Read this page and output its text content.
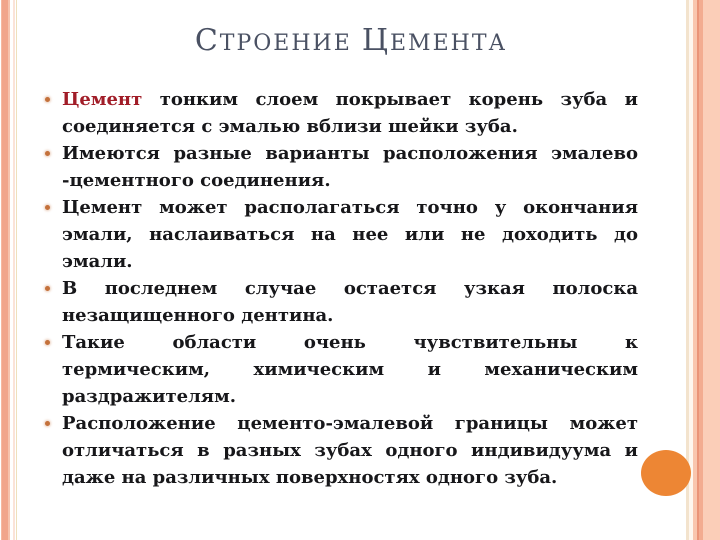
СТРОЕНИЕ ЦЕМЕНТА
Цемент тонким слоем покрывает корень зуба и
соединяется с эмалью вблизи шейки зуба.
Имеются разные варианты расположения эмалево
-цементного соединения.
Цемент может располагаться точно у окончания
эмали, наслаиваться на нее или не доходить до
эмали.
В последнем случае остается узкая полоска
незащищенного дентина.
Такие области очень чувствительны к
термическим, химическим и механическим
раздражителям.
Расположение цементо-эмалевой границы может
отличаться в разных зубах одного индивидуума и
даже на различных поверхностях одного зуба.
